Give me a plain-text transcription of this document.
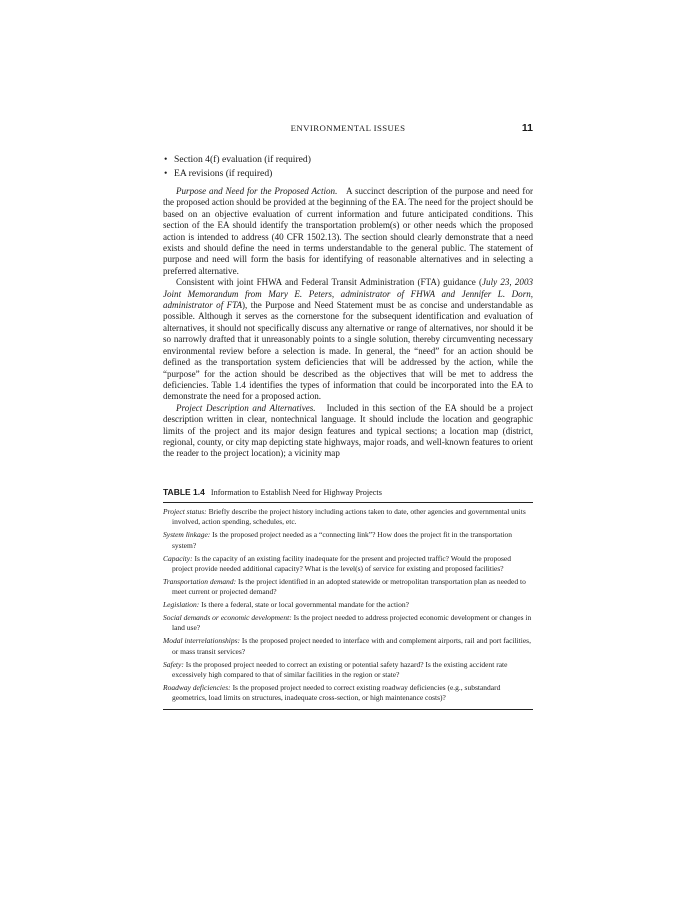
ENVIRONMENTAL ISSUES	11
• Section 4(f) evaluation (if required)
• EA revisions (if required)

Purpose and Need for the Proposed Action. A succinct description of the purpose and need for the proposed action should be provided at the beginning of the EA. The need for the project should be based on an objective evaluation of current information and future anticipated conditions. This section of the EA should identify the transportation problem(s) or other needs which the proposed action is intended to address (40 CFR 1502.13). The section should clearly demonstrate that a need exists and should define the need in terms understandable to the general public. The statement of purpose and need will form the basis for identifying of reasonable alternatives and in selecting a preferred alternative.

Consistent with joint FHWA and Federal Transit Administration (FTA) guidance (July 23, 2003 Joint Memorandum from Mary E. Peters, administrator of FHWA and Jennifer L. Dorn, administrator of FTA), the Purpose and Need Statement must be as concise and understandable as possible. Although it serves as the cornerstone for the subsequent identification and evaluation of alternatives, it should not specifically discuss any alternative or range of alternatives, nor should it be so narrowly drafted that it unreasonably points to a single solution, thereby circumventing necessary environmental review before a selection is made. In general, the “need” for an action should be defined as the transportation system deficiencies that will be addressed by the action, while the “purpose” for the action should be described as the objectives that will be met to address the deficiencies. Table 1.4 identifies the types of information that could be incorporated into the EA to demonstrate the need for a proposed action.

Project Description and Alternatives. Included in this section of the EA should be a project description written in clear, nontechnical language. It should include the location and geographic limits of the project and its major design features and typical sections; a location map (district, regional, county, or city map depicting state highways, major roads, and well-known features to orient the reader to the project location); a vicinity map

TABLE 1.4 Information to Establish Need for Highway Projects
Project status: Briefly describe the project history including actions taken to date, other agencies and governmental units involved, action spending, schedules, etc.
System linkage: Is the proposed project needed as a “connecting link”? How does the project fit in the transportation system?
Capacity: Is the capacity of an existing facility inadequate for the present and projected traffic? Would the proposed project provide needed additional capacity? What is the level(s) of service for existing and proposed facilities?
Transportation demand: Is the project identified in an adopted statewide or metropolitan transportation plan as needed to meet current or projected demand?
Legislation: Is there a federal, state or local governmental mandate for the action?
Social demands or economic development: Is the project needed to address projected economic development or changes in land use?
Modal interrelationships: Is the proposed project needed to interface with and complement airports, rail and port facilities, or mass transit services?
Safety: Is the proposed project needed to correct an existing or potential safety hazard? Is the existing accident rate excessively high compared to that of similar facilities in the region or state?
Roadway deficiencies: Is the proposed project needed to correct existing roadway deficiencies (e.g., substandard geometrics, load limits on structures, inadequate cross-section, or high maintenance costs)?
